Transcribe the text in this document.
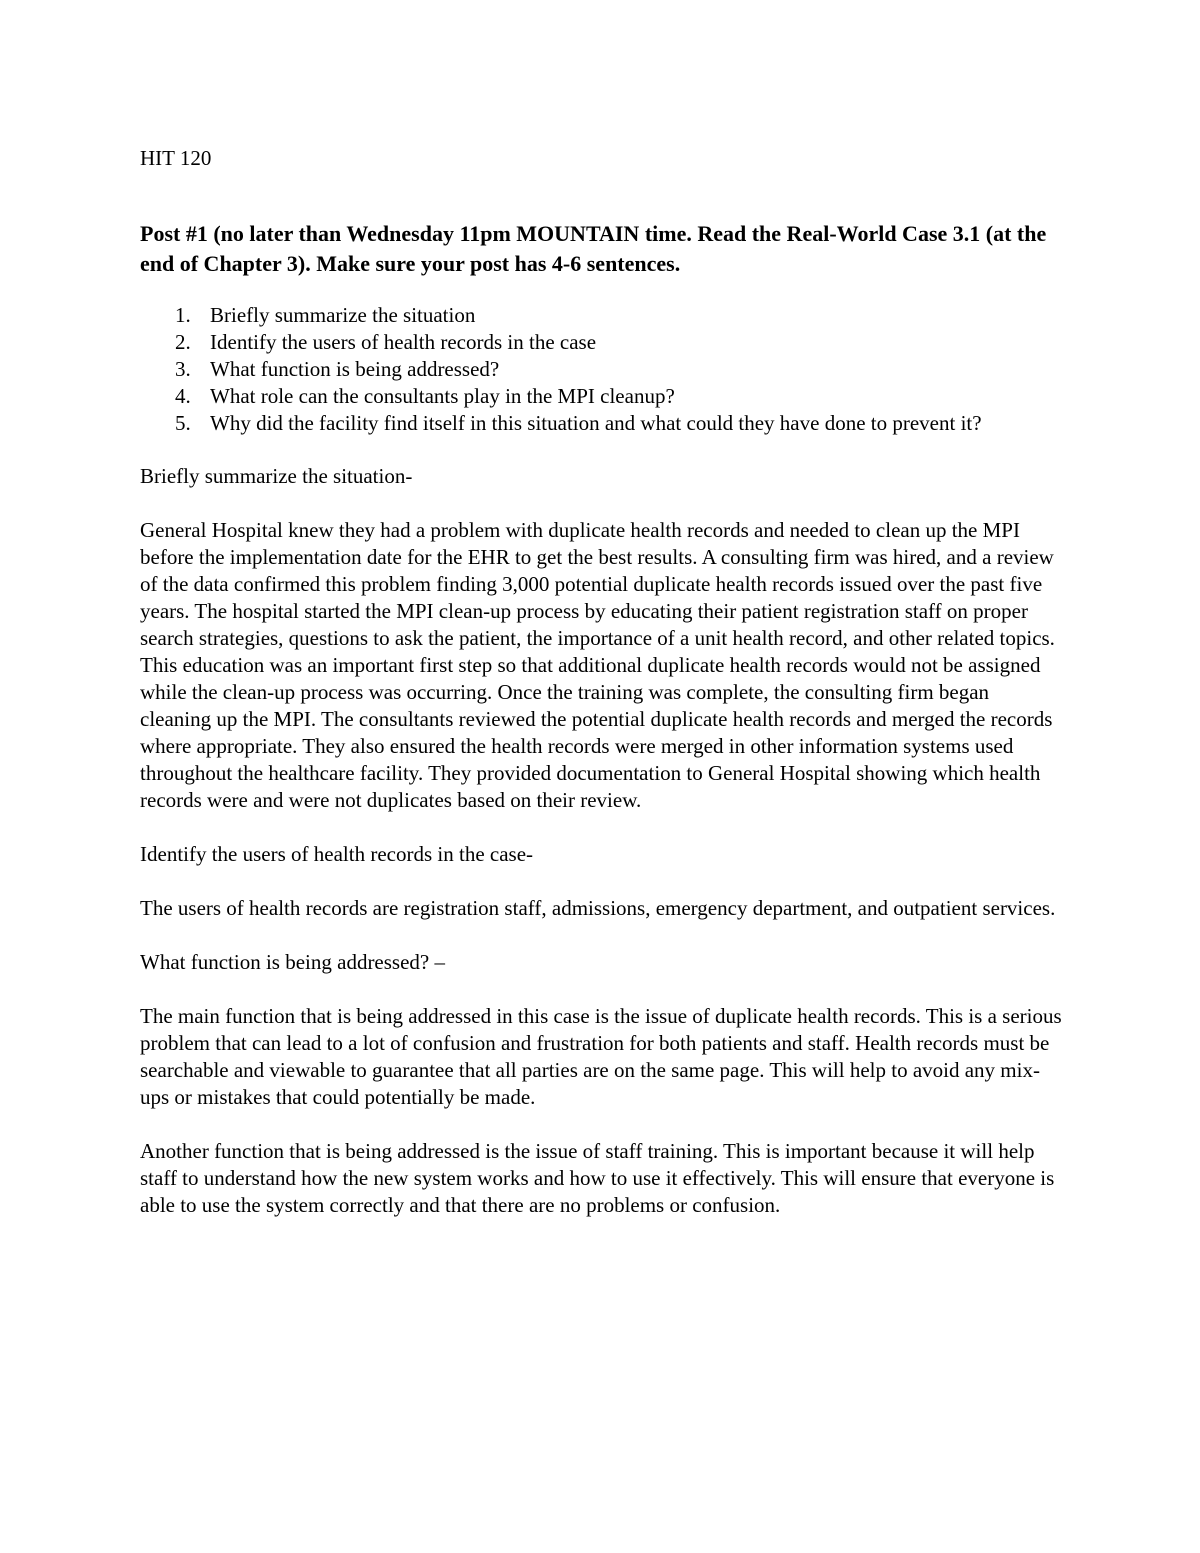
HIT 120
Post #1 (no later than Wednesday 11pm MOUNTAIN time. Read the Real-World Case 3.1 (at the end of Chapter 3). Make sure your post has 4-6 sentences.
Briefly summarize the situation
Identify the users of health records in the case
What function is being addressed?
What role can the consultants play in the MPI cleanup?
Why did the facility find itself in this situation and what could they have done to prevent it?

Briefly summarize the situation-

General Hospital knew they had a problem with duplicate health records and needed to clean up the MPI before the implementation date for the EHR to get the best results. A consulting firm was hired, and a review of the data confirmed this problem finding 3,000 potential duplicate health records issued over the past five years. The hospital started the MPI clean-up process by educating their patient registration staff on proper search strategies, questions to ask the patient, the importance of a unit health record, and other related topics. This education was an important first step so that additional duplicate health records would not be assigned while the clean-up process was occurring. Once the training was complete, the consulting firm began cleaning up the MPI. The consultants reviewed the potential duplicate health records and merged the records where appropriate. They also ensured the health records were merged in other information systems used throughout the healthcare facility. They provided documentation to General Hospital showing which health records were and were not duplicates based on their review.

Identify the users of health records in the case-

The users of health records are registration staff, admissions, emergency department, and outpatient services.

What function is being addressed? –

The main function that is being addressed in this case is the issue of duplicate health records. This is a serious problem that can lead to a lot of confusion and frustration for both patients and staff. Health records must be searchable and viewable to guarantee that all parties are on the same page. This will help to avoid any mix-ups or mistakes that could potentially be made.

Another function that is being addressed is the issue of staff training. This is important because it will help staff to understand how the new system works and how to use it effectively. This will ensure that everyone is able to use the system correctly and that there are no problems or confusion.
